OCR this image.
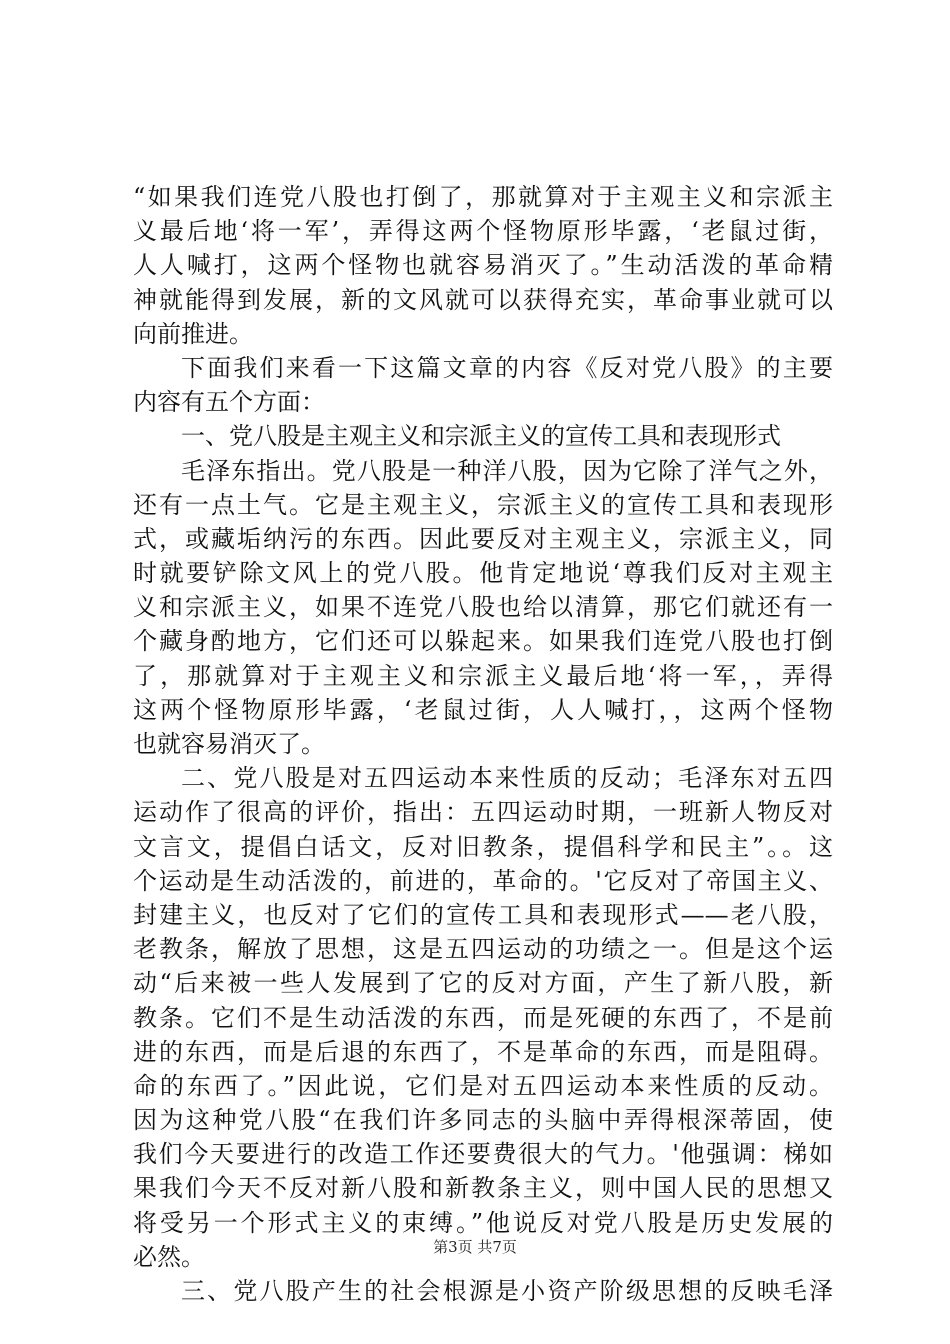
“如果我们连党八股也打倒了，那就算对于主观主义和宗派主
义最后地‘将一军’，弄得这两个怪物原形毕露，‘老鼠过街，
人人喊打，这两个怪物也就容易消灭了。”生动活泼的革命精
神就能得到发展，新的文风就可以获得充实，革命事业就可以
向前推进。
下面我们来看一下这篇文章的内容《反对党八股》的主要
内容有五个方面：
一、党八股是主观主义和宗派主义的宣传工具和表现形式
毛泽东指出。党八股是一种洋八股，因为它除了洋气之外，
还有一点土气。它是主观主义，宗派主义的宣传工具和表现形
式，或藏垢纳污的东西。因此要反对主观主义，宗派主义，同
时就要铲除文风上的党八股。他肯定地说‘尊我们反对主观主
义和宗派主义，如果不连党八股也给以清算，那它们就还有一
个藏身酌地方，它们还可以躲起来。如果我们连党八股也打倒
了，那就算对于主观主义和宗派主义最后地‘将一军，，弄得
这两个怪物原形毕露，‘老鼠过街，人人喊打，，这两个怪物
也就容易消灭了。
二、党八股是对五四运动本来性质的反动；毛泽东对五四
运动作了很高的评价，指出：五四运动时期，一班新人物反对
文言文，提倡白话文，反对旧教条，提倡科学和民主”。。这
个运动是生动活泼的，前进的，革命的。'它反对了帝国主义、
封建主义，也反对了它们的宣传工具和表现形式——老八股，
老教条，解放了思想，这是五四运动的功绩之一。但是这个运
动“后来被一些人发展到了它的反对方面，产生了新八股，新
教条。它们不是生动活泼的东西，而是死硬的东西了，不是前
进的东西，而是后退的东西了，不是革命的东西，而是阻碍。
命的东西了。”因此说，它们是对五四运动本来性质的反动。
因为这种党八股“在我们许多同志的头脑中弄得根深蒂固，使
我们今天要进行的改造工作还要费很大的气力。'他强调：梯如
果我们今天不反对新八股和新教条主义，则中国人民的思想又
将受另一个形式主义的束缚。”他说反对党八股是历史发展的
必然。
三、党八股产生的社会根源是小资产阶级思想的反映毛泽
第3页 共7页
